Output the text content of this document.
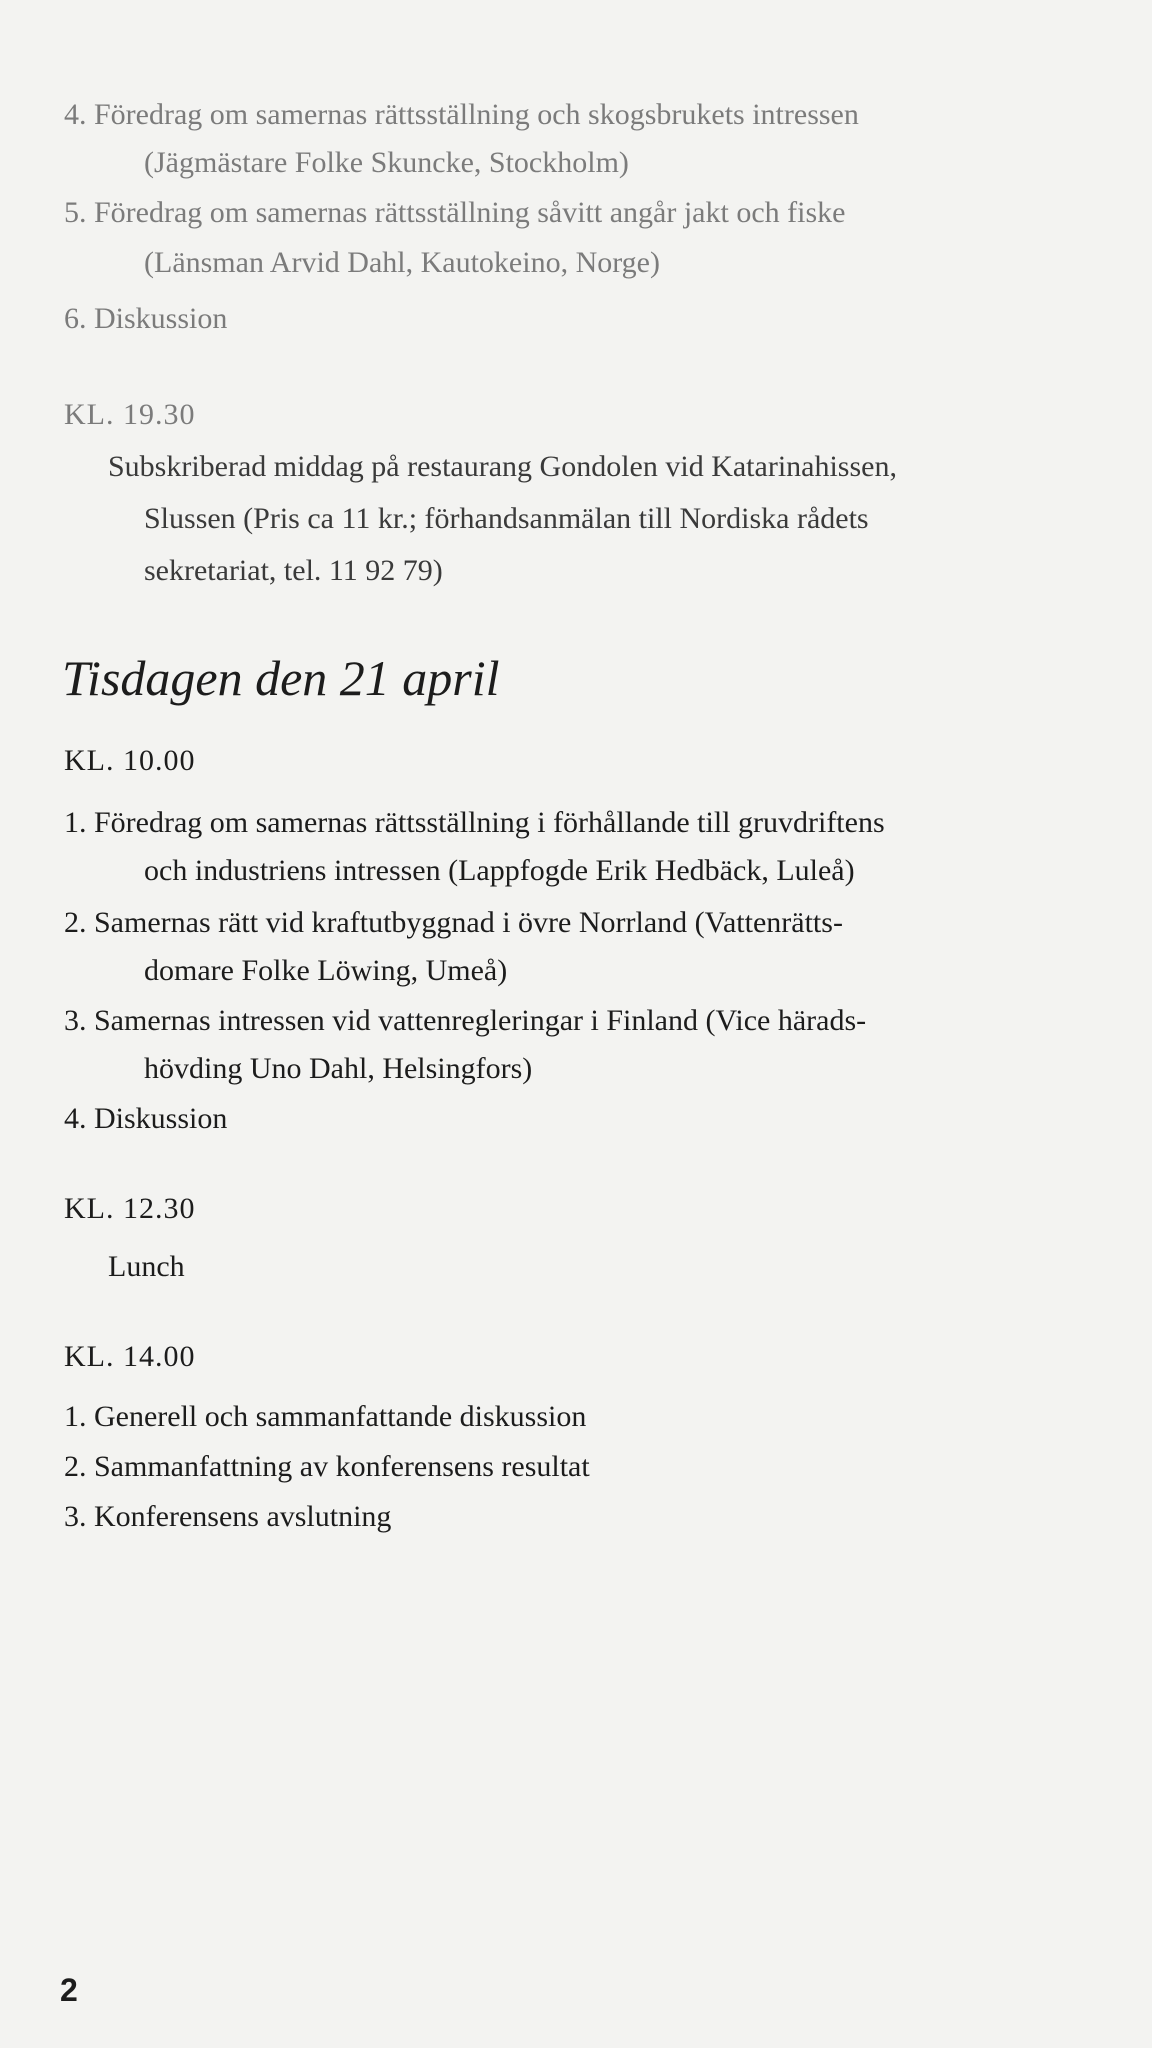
4. Föredrag om samernas rättsställning och skogsbrukets intressen
(Jägmästare Folke Skuncke, Stockholm)
5. Föredrag om samernas rättsställning såvitt angår jakt och fiske
(Länsman Arvid Dahl, Kautokeino, Norge)
6. Diskussion
KL. 19.30
Subskriberad middag på restaurang Gondolen vid Katarinahissen,
Slussen (Pris ca 11 kr.; förhandsanmälan till Nordiska rådets
sekretariat, tel. 11 92 79)
Tisdagen den 21 april
KL. 10.00
1. Föredrag om samernas rättsställning i förhållande till gruvdriftens
och industriens intressen (Lappfogde Erik Hedbäck, Luleå)
2. Samernas rätt vid kraftutbyggnad i övre Norrland (Vattenrätts-
domare Folke Löwing, Umeå)
3. Samernas intressen vid vattenregleringar i Finland (Vice härads-
hövding Uno Dahl, Helsingfors)
4. Diskussion
KL. 12.30
Lunch
KL. 14.00
1. Generell och sammanfattande diskussion
2. Sammanfattning av konferensens resultat
3. Konferensens avslutning
2
